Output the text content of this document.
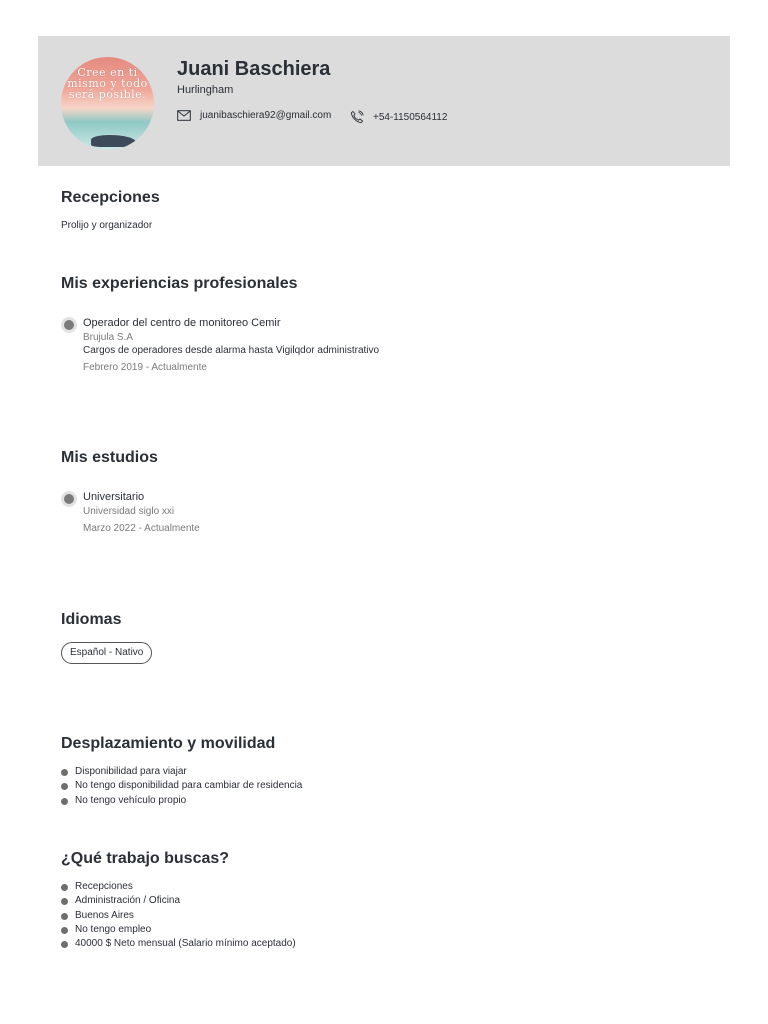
Cree en ti mismo y todo será posible.
Juani Baschiera
Hurlingham
juanibaschiera92@gmail.com	+54-1150564112
Recepciones
Prolijo y organizador
Mis experiencias profesionales
Operador del centro de monitoreo Cemir
Brujula S.A
Cargos de operadores desde alarma hasta Vigilqdor administrativo
Febrero 2019 - Actualmente
Mis estudios
Universitario
Universidad siglo xxi
Marzo 2022 - Actualmente
Idiomas
Español - Nativo
Desplazamiento y movilidad
Disponibilidad para viajar
No tengo disponibilidad para cambiar de residencia
No tengo vehículo propio
¿Qué trabajo buscas?
Recepciones
Administración / Oficina
Buenos Aires
No tengo empleo
40000 $ Neto mensual (Salario mínimo aceptado)
